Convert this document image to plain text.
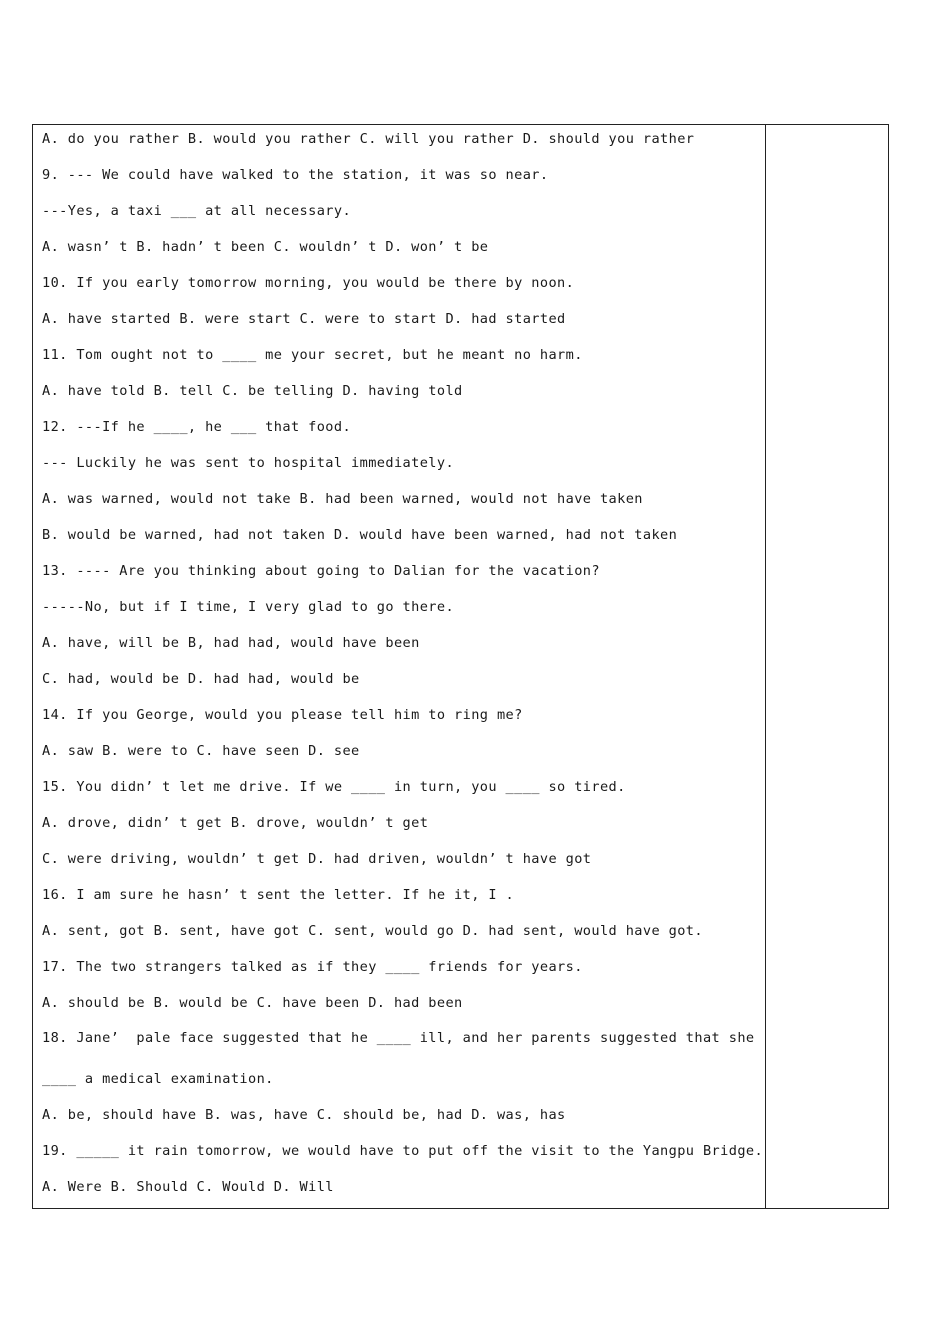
A. do you rather B. would you rather C. will you rather D. should you rather
9. --- We could have walked to the station, it was so near.
---Yes, a taxi ___ at all necessary.
A. wasn’ t B. hadn’ t been C. wouldn’ t D. won’ t be
10. If you early tomorrow morning, you would be there by noon.
A. have started B. were start C. were to start D. had started
11. Tom ought not to ____ me your secret, but he meant no harm.
A. have told B. tell C. be telling D. having told
12. ---If he ____, he ___ that food.
--- Luckily he was sent to hospital immediately.
A. was warned, would not take B. had been warned, would not have taken
B. would be warned, had not taken D. would have been warned, had not taken
13. ---- Are you thinking about going to Dalian for the vacation?
-----No, but if I time, I very glad to go there.
A. have, will be B, had had, would have been
C. had, would be D. had had, would be
14. If you George, would you please tell him to ring me?
A. saw B. were to C. have seen D. see
15. You didn’ t let me drive. If we ____ in turn, you ____ so tired.
A. drove, didn’ t get B. drove, wouldn’ t get
C. were driving, wouldn’ t get D. had driven, wouldn’ t have got
16. I am sure he hasn’ t sent the letter. If he it, I .
A. sent, got B. sent, have got C. sent, would go D. had sent, would have got.
17. The two strangers talked as if they ____ friends for years.
A. should be B. would be C. have been D. had been
18. Jane’  pale face suggested that he ____ ill, and her parents suggested that she
____ a medical examination.
A. be, should have B. was, have C. should be, had D. was, has
19. _____ it rain tomorrow, we would have to put off the visit to the Yangpu Bridge.
A. Were B. Should C. Would D. Will
